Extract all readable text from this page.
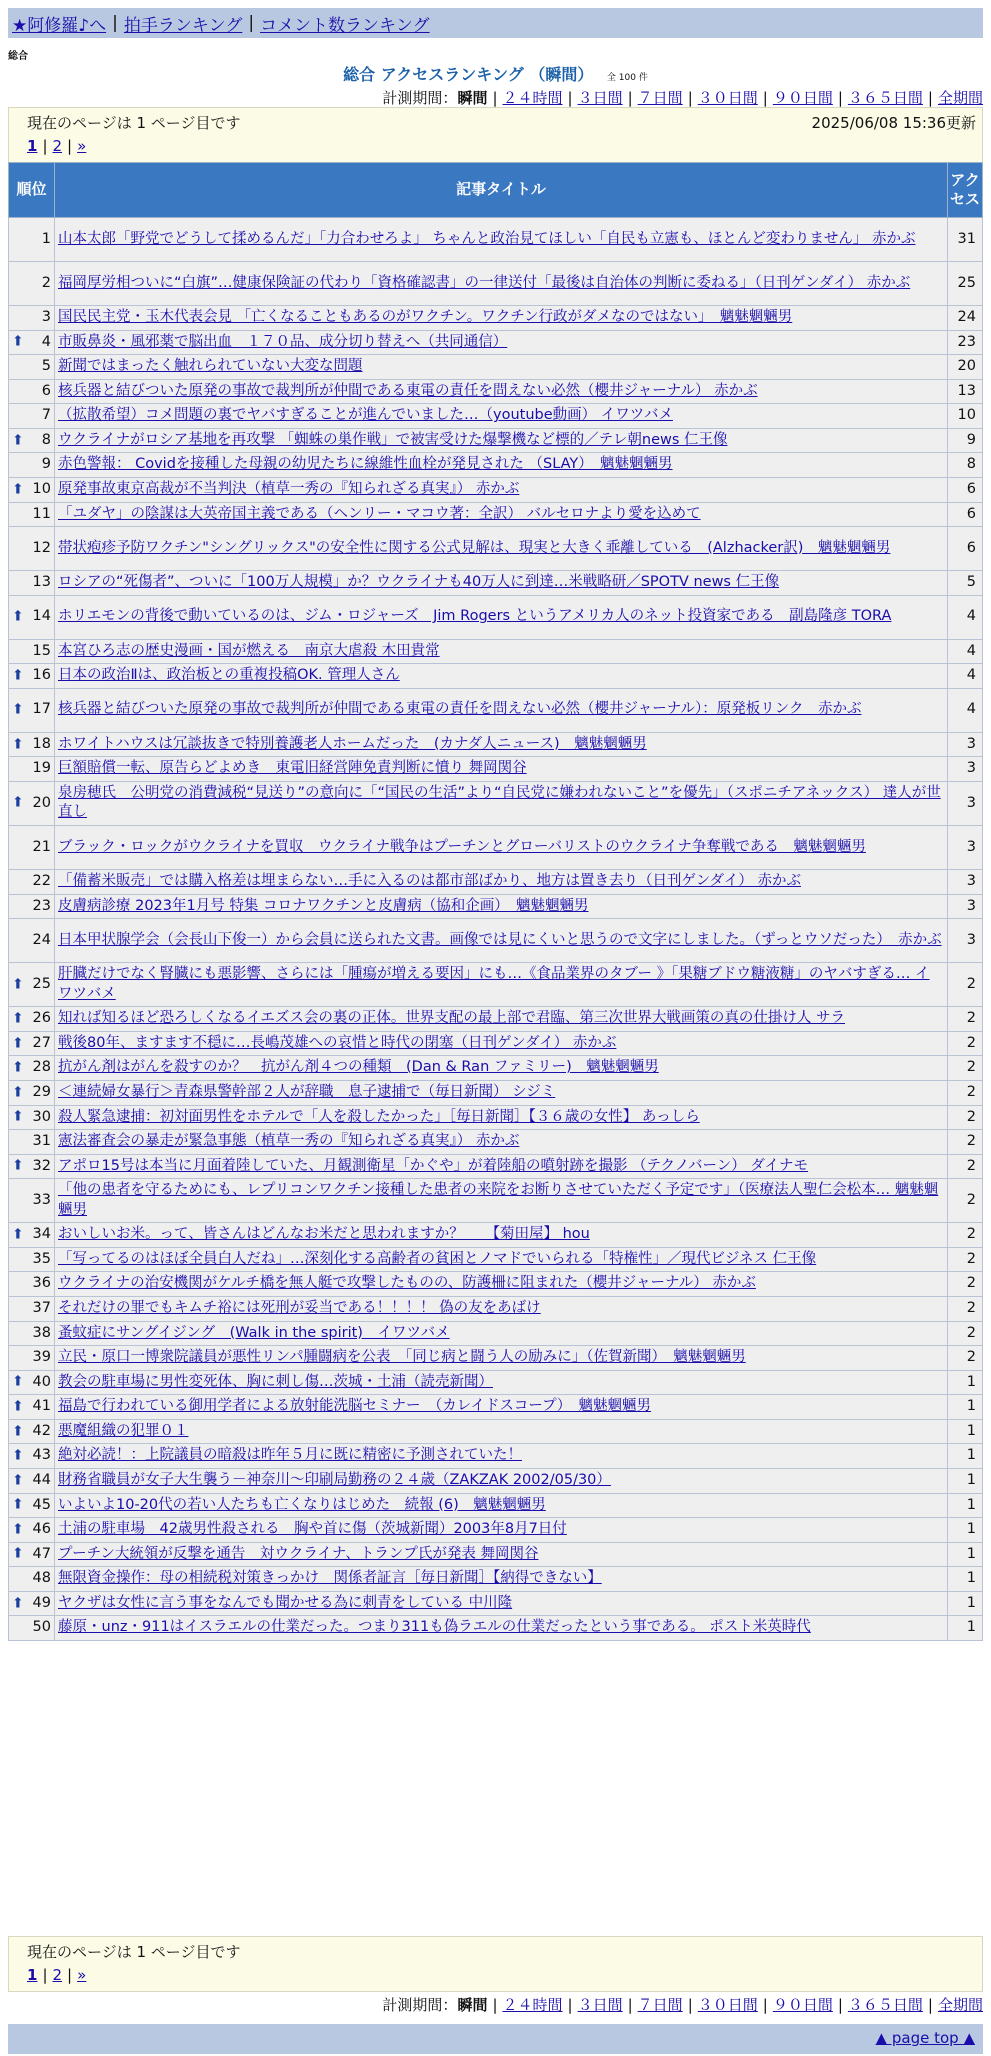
★阿修羅♪へ | 拍手ランキング | コメント数ランキング
総合
総合 アクセスランキング （瞬間） 全 100 件
計測期間：瞬間 | ２４時間 | ３日間 | ７日間 | ３０日間 | ９０日間 | ３６５日間 | 全期間
現在のページは 1 ページ目です	2025/06/08 15:36更新
1 | 2 | »
順位	記事タイトル	アクセス
1	山本太郎「野党でどうして揉めるんだ」「力合わせろよ」 ちゃんと政治見てほしい「自民も立憲も、ほとんど変わりません」 赤かぶ	31
2	福岡厚労相ついに“白旗”…健康保険証の代わり「資格確認書」の一律送付「最後は自治体の判断に委ねる」（日刊ゲンダイ） 赤かぶ	25
3	国民民主党・玉木代表会見 「亡くなることもあるのがワクチン。ワクチン行政がダメなのではない」　魑魅魍魎男	24

⬆ 4	市販鼻炎・風邪薬で脳出血　１７０品、成分切り替えへ（共同通信）	23
5	新聞ではまったく触れられていない大変な問題	20
6	核兵器と結びついた原発の事故で裁判所が仲間である東電の責任を問えない必然（櫻井ジャーナル） 赤かぶ	13
7	（拡散希望）コメ問題の裏でヤバすぎることが進んでいました…（youtube動画） イワツバメ	10

⬆ 8	ウクライナがロシア基地を再攻撃 「蜘蛛の巣作戦」で被害受けた爆撃機など標的／テレ朝news 仁王像	9
9	赤色警報： Covidを接種した母親の幼児たちに線維性血栓が発見された （SLAY）　魑魅魍魎男	8

⬆ 10	原発事故東京高裁が不当判決（植草一秀の『知られざる真実』） 赤かぶ	6
11	「ユダヤ」の陰謀は大英帝国主義である（ヘンリー・マコウ著：全訳） バルセロナより愛を込めて	6
12	帯状疱疹予防ワクチン"シングリックス"の安全性に関する公式見解は、現実と大きく乖離している　(Alzhacker訳)　魑魅魍魎男	6
13	ロシアの“死傷者”、ついに「100万人規模」か？ウクライナも40万人に到達…米戦略研／SPOTV news 仁王像	5

⬆ 14	ホリエモンの背後で動いているのは、ジム・ロジャーズ　Jim Rogers というアメリカ人のネット投資家である　副島隆彦 TORA	4
15	本宮ひろ志の歴史漫画・国が燃える　南京大虐殺 木田貴常	4

⬆ 16	日本の政治Ⅱは、政治板との重複投稿OK. 管理人さん	4

⬆ 17	核兵器と結びついた原発の事故で裁判所が仲間である東電の責任を問えない必然（櫻井ジャーナル）：原発板リンク　赤かぶ	4

⬆ 18	ホワイトハウスは冗談抜きで特別養護老人ホームだった　(カナダ人ニュース)　魑魅魍魎男	3
19	巨額賠償一転、原告らどよめき　東電旧経営陣免責判断に憤り 舞岡関谷	3

⬆ 20	泉房穂氏　公明党の消費減税“見送り”の意向に「“国民の生活”より“自民党に嫌われないこと”を優先」（スポニチアネックス） 達人が世直し	3
21	ブラック・ロックがウクライナを買収　ウクライナ戦争はプーチンとグローバリストのウクライナ争奪戦である　魑魅魍魎男	3
22	「備蓄米販売」では購入格差は埋まらない…手に入るのは都市部ばかり、地方は置き去り（日刊ゲンダイ） 赤かぶ	3
23	皮膚病診療 2023年1月号 特集 コロナワクチンと皮膚病（協和企画）　魑魅魍魎男	3
24	日本甲状腺学会（会長山下俊一）から会員に送られた文書。画像では見にくいと思うので文字にしました。（ずっとウソだった）　赤かぶ	3

⬆ 25	肝臓だけでなく腎臓にも悪影響、さらには「腫瘍が増える要因」にも…《食品業界のタブー 》「果糖ブドウ糖液糖」のヤバすぎる… イワツバメ	2

⬆ 26	知れば知るほど恐ろしくなるイエズス会の裏の正体。世界支配の最上部で君臨、第三次世界大戦画策の真の仕掛け人 サラ	2

⬆ 27	戦後80年、ますます不穏に…長嶋茂雄への哀惜と時代の閉塞（日刊ゲンダイ） 赤かぶ	2

⬆ 28	抗がん剤はがんを殺すのか？　抗がん剤４つの種類　(Dan & Ran ファミリー)　魑魅魍魎男	2

⬆ 29	＜連続婦女暴行＞青森県警幹部２人が辞職　息子逮捕で（毎日新聞） シジミ	2

⬆ 30	殺人緊急逮捕：初対面男性をホテルで「人を殺したかった」［毎日新聞］【３６歳の女性】 あっしら	2
31	憲法審査会の暴走が緊急事態（植草一秀の『知られざる真実』） 赤かぶ	2

⬆ 32	アポロ15号は本当に月面着陸していた、月観測衛星「かぐや」が着陸船の噴射跡を撮影 （テクノバーン） ダイナモ	2
33	「他の患者を守るためにも、レプリコンワクチン接種した患者の来院をお断りさせていただく予定です」（医療法人聖仁会松本… 魑魅魍魎男	2

⬆ 34	おいしいお米。って、皆さんはどんなお米だと思われますか？　　【菊田屋】 hou	2
35	「写ってるのはほぼ全員白人だね」…深刻化する高齢者の貧困とノマドでいられる「特権性」／現代ビジネス 仁王像	2
36	ウクライナの治安機関がケルチ橋を無人艇で攻撃したものの、防護柵に阻まれた（櫻井ジャーナル） 赤かぶ	2
37	それだけの罪でもキムチ裕には死刑が妥当である！！！！ 偽の友をあばけ	2
38	蚤蚊症にサングイジング　(Walk in the spirit)　イワツバメ	2
39	立民・原口一博衆院議員が悪性リンパ腫闘病を公表　「同じ病と闘う人の励みに」（佐賀新聞）　魑魅魍魎男	2

⬆ 40	教会の駐車場に男性変死体、胸に刺し傷…茨城・土浦（読売新聞）	1

⬆ 41	福島で行われている御用学者による放射能洗脳セミナー　（カレイドスコープ）　魑魅魍魎男	1

⬆ 42	悪魔組織の犯罪０１	1

⬆ 43	絶対必読！：上院議員の暗殺は昨年５月に既に精密に予測されていた！	1

⬆ 44	財務省職員が女子大生襲う－神奈川～印刷局勤務の２４歳（ZAKZAK 2002/05/30）	1

⬆ 45	いよいよ10-20代の若い人たちも亡くなりはじめた　続報 (6)　魑魅魍魎男	1

⬆ 46	土浦の駐車場　42歳男性殺される　胸や首に傷（茨城新聞）2003年8月7日付	1

⬆ 47	プーチン大統領が反撃を通告　対ウクライナ、トランプ氏が発表 舞岡関谷	1
48	無限資金操作：母の相続税対策きっかけ　関係者証言［毎日新聞］【納得できない】	1

⬆ 49	ヤクザは女性に言う事をなんでも聞かせる為に刺青をしている 中川隆	1
50	藤原・unz・911はイスラエルの仕業だった。つまり311も偽ラエルの仕業だったという事である。 ポスト米英時代	1
現在のページは 1 ページ目です
1 | 2 | »
計測期間：瞬間 | ２４時間 | ３日間 | ７日間 | ３０日間 | ９０日間 | ３６５日間 | 全期間
▲ page top ▲
